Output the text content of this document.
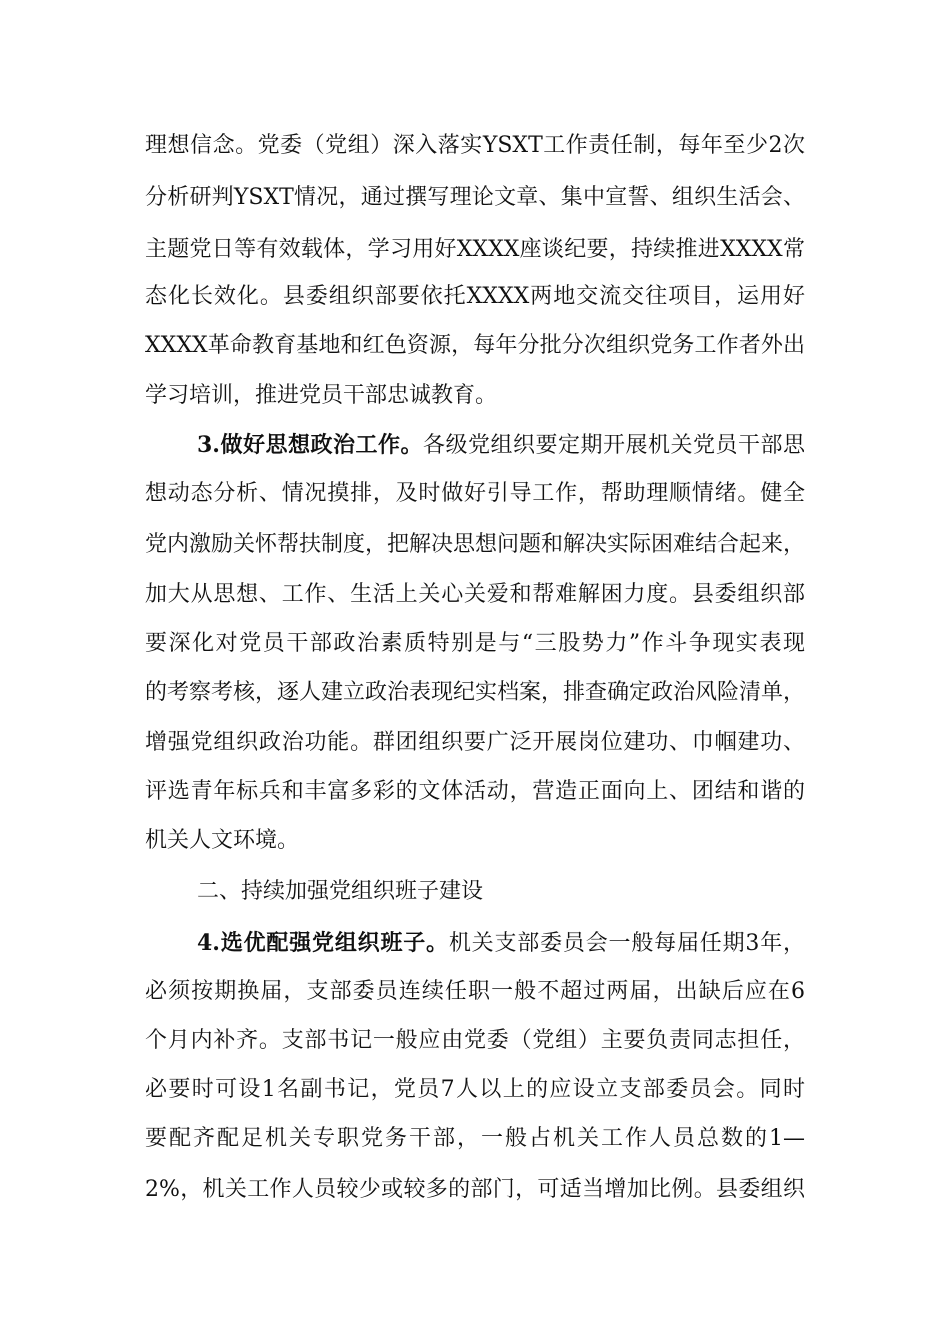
理想信念。党委（党组）深入落实YSXT工作责任制，每年至少2次
分析研判YSXT情况，通过撰写理论文章、集中宣誓、组织生活会、
主题党日等有效载体，学习用好XXXX座谈纪要，持续推进XXXX常
态化长效化。县委组织部要依托XXXX两地交流交往项目，运用好
XXXX革命教育基地和红色资源，每年分批分次组织党务工作者外出
学习培训，推进党员干部忠诚教育。
3.做好思想政治工作。各级党组织要定期开展机关党员干部思
想动态分析、情况摸排，及时做好引导工作，帮助理顺情绪。健全
党内激励关怀帮扶制度，把解决思想问题和解决实际困难结合起来，
加大从思想、工作、生活上关心关爱和帮难解困力度。县委组织部
要深化对党员干部政治素质特别是与“三股势力”作斗争现实表现
的考察考核，逐人建立政治表现纪实档案，排查确定政治风险清单，
增强党组织政治功能。群团组织要广泛开展岗位建功、巾帼建功、
评选青年标兵和丰富多彩的文体活动，营造正面向上、团结和谐的
机关人文环境。
二、持续加强党组织班子建设
4.选优配强党组织班子。机关支部委员会一般每届任期3年，
必须按期换届，支部委员连续任职一般不超过两届，出缺后应在6
个月内补齐。支部书记一般应由党委（党组）主要负责同志担任，
必要时可设1名副书记，党员7人以上的应设立支部委员会。同时
要配齐配足机关专职党务干部，一般占机关工作人员总数的1—
2%，机关工作人员较少或较多的部门，可适当增加比例。县委组织
